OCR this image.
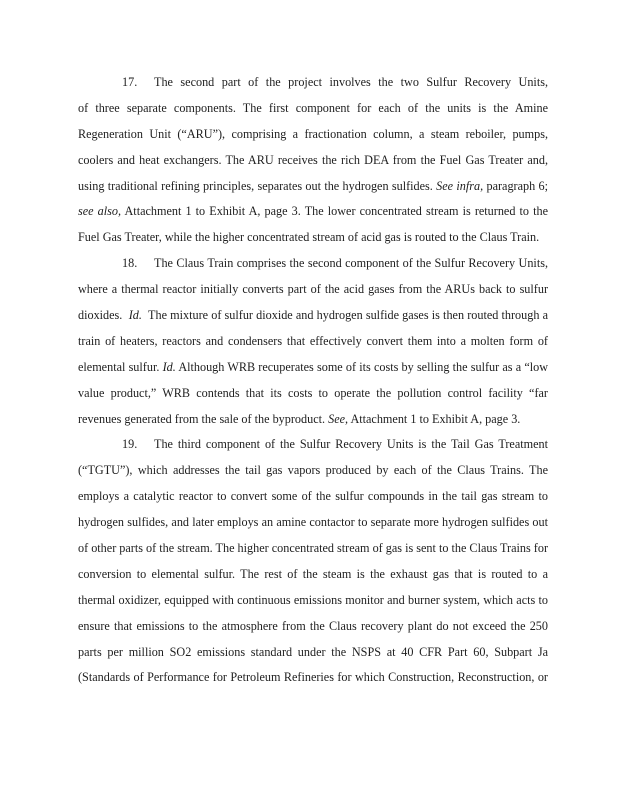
17. The second part of the project involves the two Sulfur Recovery Units,
of three separate components. The first component for each of the units is the Amine
Regeneration Unit (“ARU”), comprising a fractionation column, a steam reboiler, pumps,
coolers and heat exchangers. The ARU receives the rich DEA from the Fuel Gas Treater and,
using traditional refining principles, separates out the hydrogen sulfides. See infra, paragraph 6;
see also, Attachment 1 to Exhibit A, page 3. The lower concentrated stream is returned to the
Fuel Gas Treater, while the higher concentrated stream of acid gas is routed to the Claus Train.
18. The Claus Train comprises the second component of the Sulfur Recovery Units,
where a thermal reactor initially converts part of the acid gases from the ARUs back to sulfur
dioxides. Id. The mixture of sulfur dioxide and hydrogen sulfide gases is then routed through a
train of heaters, reactors and condensers that effectively convert them into a molten form of
elemental sulfur. Id. Although WRB recuperates some of its costs by selling the sulfur as a “low
value product,” WRB contends that its costs to operate the pollution control facility “far
revenues generated from the sale of the byproduct. See, Attachment 1 to Exhibit A, page 3.
19. The third component of the Sulfur Recovery Units is the Tail Gas Treatment
(“TGTU”), which addresses the tail gas vapors produced by each of the Claus Trains. The
employs a catalytic reactor to convert some of the sulfur compounds in the tail gas stream to
hydrogen sulfides, and later employs an amine contactor to separate more hydrogen sulfides out
of other parts of the stream. The higher concentrated stream of gas is sent to the Claus Trains for
conversion to elemental sulfur. The rest of the steam is the exhaust gas that is routed to a
thermal oxidizer, equipped with continuous emissions monitor and burner system, which acts to
ensure that emissions to the atmosphere from the Claus recovery plant do not exceed the 250
parts per million SO2 emissions standard under the NSPS at 40 CFR Part 60, Subpart Ja
(Standards of Performance for Petroleum Refineries for which Construction, Reconstruction, or
